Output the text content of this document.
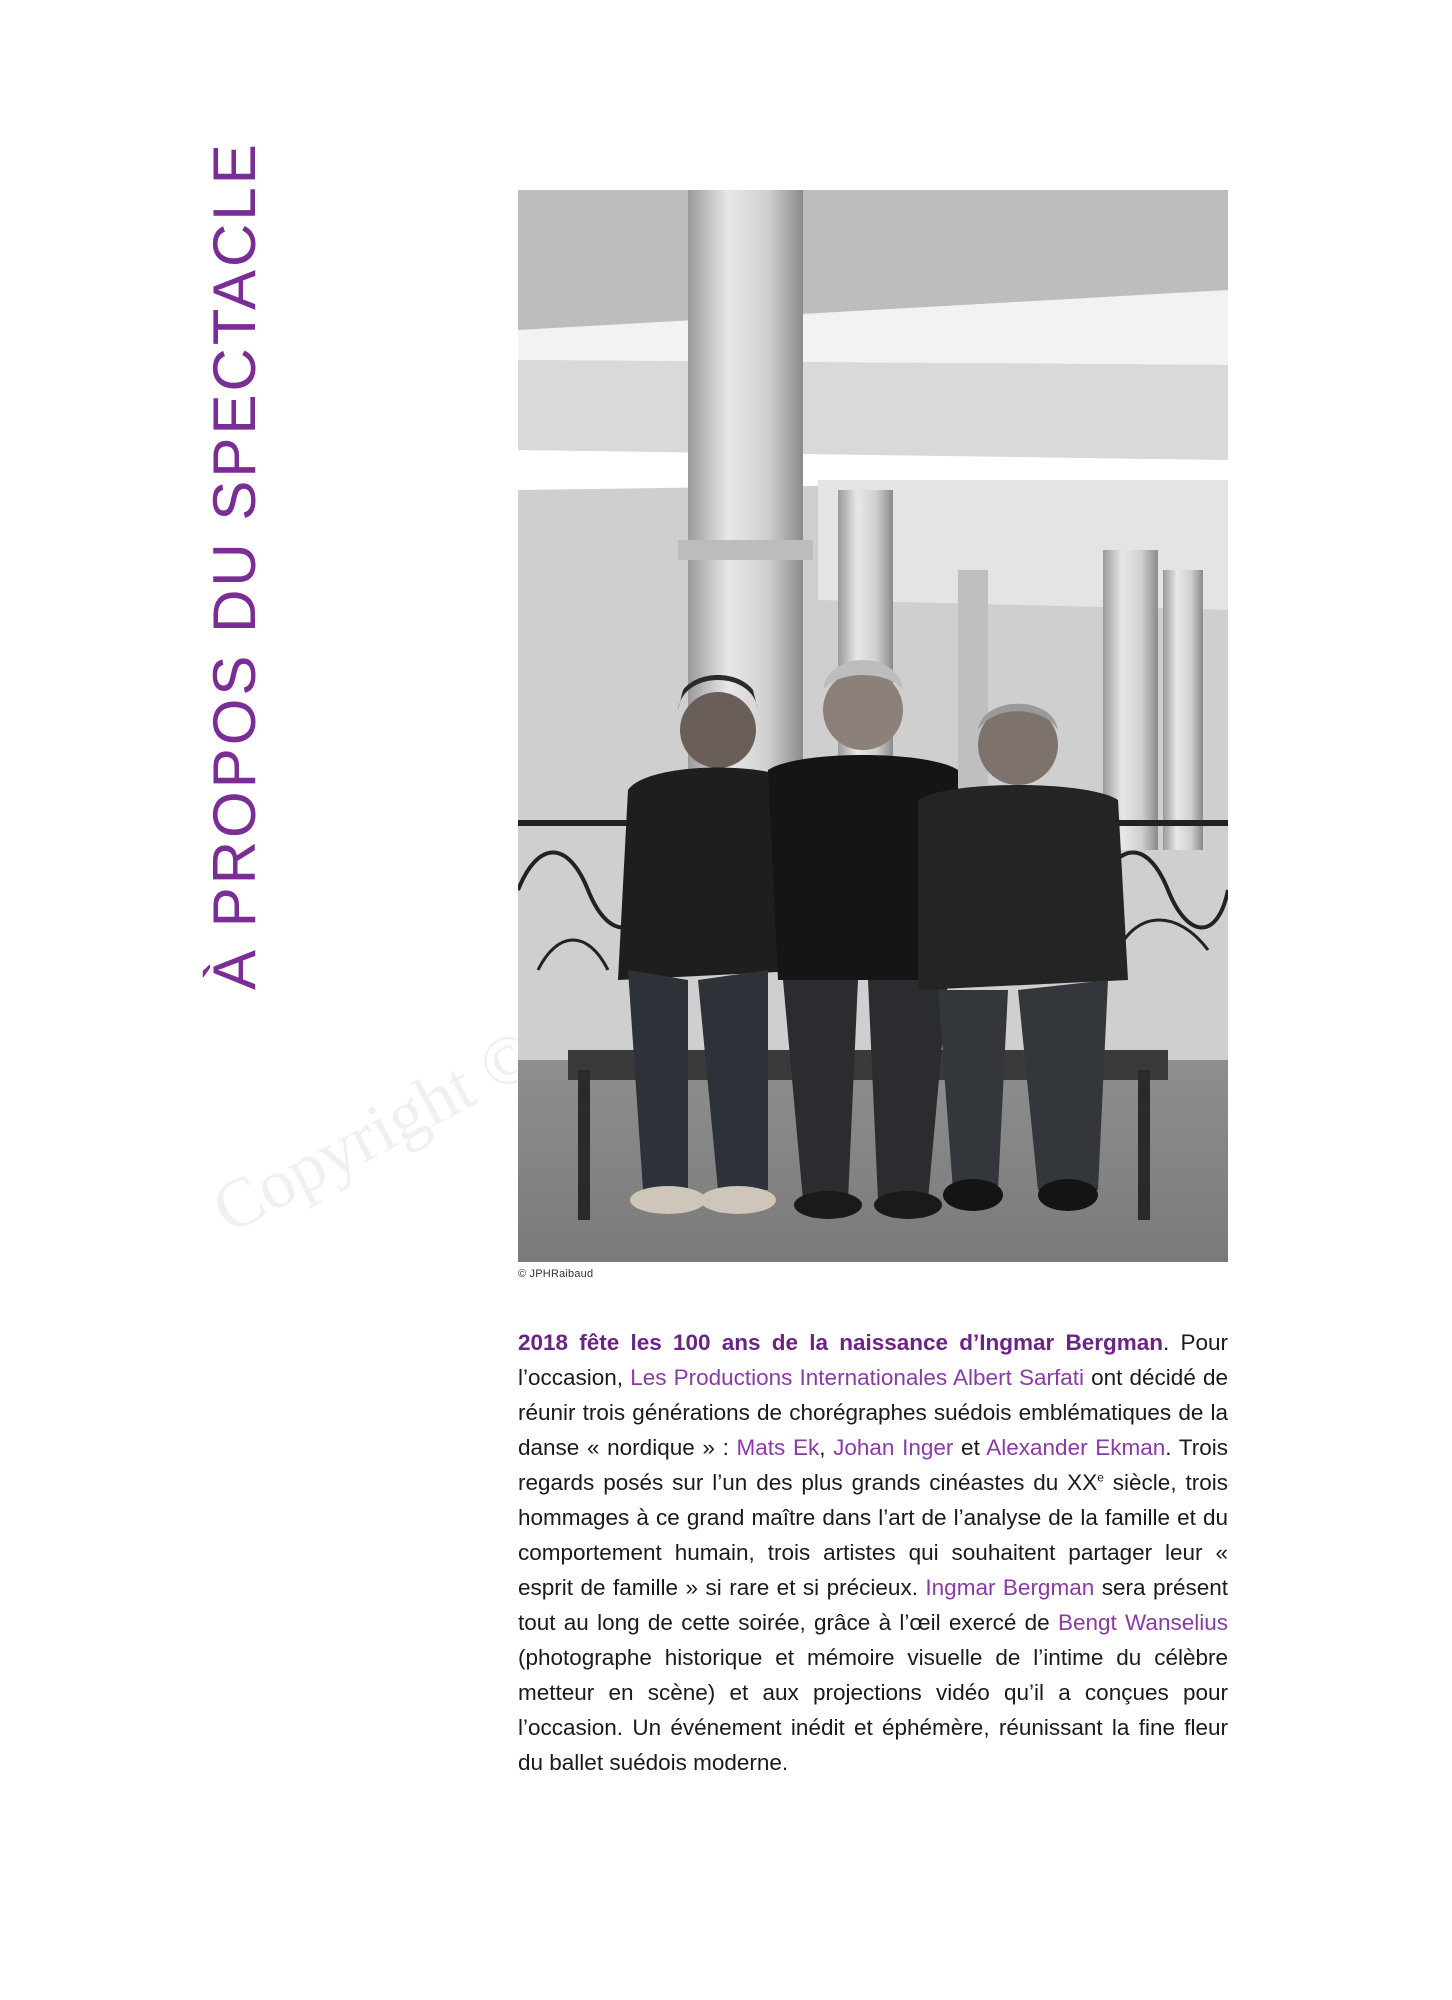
À PROPOS DU SPECTACLE
Copyright ©
© JPHRaibaud
2018 fête les 100 ans de la naissance d’Ingmar Bergman. Pour l’occasion, Les Productions Internationales Albert Sarfati ont décidé de réunir trois générations de chorégraphes suédois emblématiques de la danse « nordique » : Mats Ek, Johan Inger et Alexander Ekman. Trois regards posés sur l’un des plus grands cinéastes du XXe siècle, trois hommages à ce grand maître dans l’art de l’analyse de la famille et du comportement humain, trois artistes qui souhaitent partager leur « esprit de famille » si rare et si précieux. Ingmar Bergman sera présent tout au long de cette soirée, grâce à l’œil exercé de Bengt Wanselius (photographe historique et mémoire visuelle de l’intime du célèbre metteur en scène) et aux projections vidéo qu’il a conçues pour l’occasion. Un événement inédit et éphémère, réunissant la fine fleur du ballet suédois moderne.
